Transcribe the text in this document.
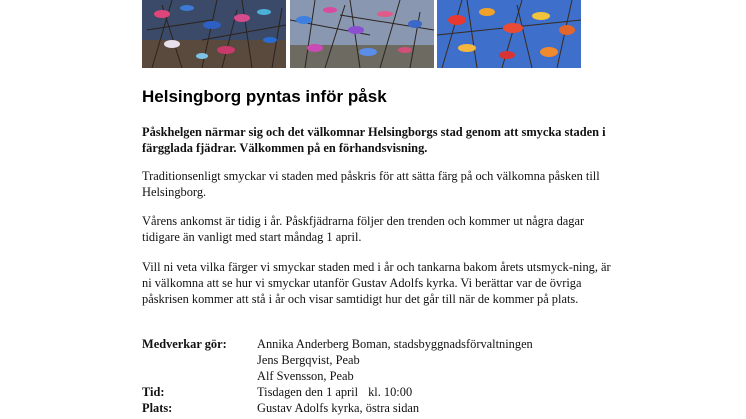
Helsingborg pyntas inför påsk

Påskhelgen närmar sig och det välkomnar Helsingborgs stad genom att smycka staden i färgglada fjädrar. Välkommen på en förhandsvisning.

Traditionsenligt smyckar vi staden med påskris för att sätta färg på och välkomna påsken till Helsingborg.

Vårens ankomst är tidig i år. Påskfjädrarna följer den trenden och kommer ut några dagar tidigare än vanligt med start måndag 1 april.

Vill ni veta vilka färger vi smyckar staden med i år och tankarna bakom årets utsmyck-ning, är ni välkomna att se hur vi smyckar utanför Gustav Adolfs kyrka. Vi berättar var de övriga påskrisen kommer att stå i år och visar samtidigt hur det går till när de kommer på plats.

Medverkar gör: Annika Anderberg Boman, stadsbyggnadsförvaltningen
Jens Bergqvist, Peab
Alf Svensson, Peab
Tid:	Tisdagen den 1 april kl. 10:00
Plats:	Gustav Adolfs kyrka, östra sidan
